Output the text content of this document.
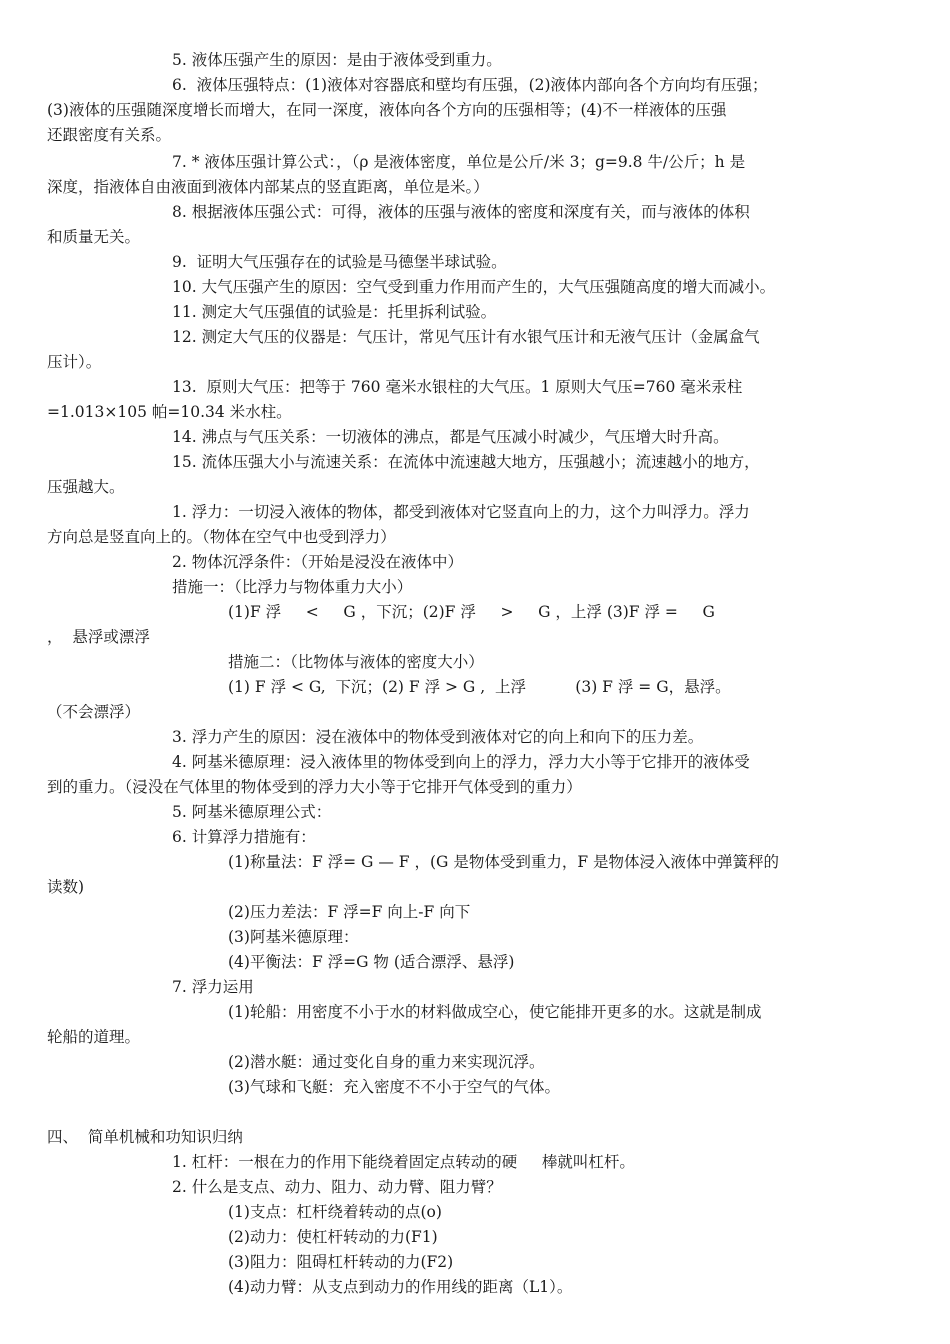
5. 液体压强产生的原因：是由于液体受到重力。

6.  液体压强特点：(1)液体对容器底和壁均有压强，(2)液体内部向各个方向均有压强；

(3)液体的压强随深度增长而增大，在同一深度，液体向各个方向的压强相等；(4)不一样液体的压强

还跟密度有关系。

7. * 液体压强计算公式：，（ρ 是液体密度，单位是公斤/米 3；g=9.8 牛/公斤；h 是

深度，指液体自由液面到液体内部某点的竖直距离，单位是米。）

8. 根据液体压强公式：可得，液体的压强与液体的密度和深度有关，而与液体的体积

和质量无关。

9.  证明大气压强存在的试验是马德堡半球试验。

10. 大气压强产生的原因：空气受到重力作用而产生的，大气压强随高度的增大而减小。

11. 测定大气压强值的试验是：托里拆利试验。

12. 测定大气压的仪器是：气压计，常见气压计有水银气压计和无液气压计（金属盒气

压计）。

13.  原则大气压：把等于 760 毫米水银柱的大气压。1 原则大气压=760 毫米汞柱

=1.013×105 帕=10.34 米水柱。

14. 沸点与气压关系：一切液体的沸点，都是气压减小时减少，气压增大时升高。

15. 流体压强大小与流速关系：在流体中流速越大地方，压强越小；流速越小的地方，

压强越大。

1. 浮力：一切浸入液体的物体，都受到液体对它竖直向上的力，这个力叫浮力。浮力

方向总是竖直向上的。（物体在空气中也受到浮力）

2. 物体沉浮条件：（开始是浸没在液体中）

措施一：（比浮力与物体重力大小）

(1)F 浮     <     G ，下沉；(2)F 浮     >     G ，上浮 (3)F 浮 =     G

，  悬浮或漂浮

措施二：（比物体与液体的密度大小）

(1) F 浮 < G,  下沉；(2) F 浮 > G ,  上浮          (3) F 浮 = G，悬浮。

（不会漂浮）

3. 浮力产生的原因：浸在液体中的物体受到液体对它的向上和向下的压力差。

4. 阿基米德原理：浸入液体里的物体受到向上的浮力，浮力大小等于它排开的液体受

到的重力。（浸没在气体里的物体受到的浮力大小等于它排开气体受到的重力）

5. 阿基米德原理公式：

6. 计算浮力措施有：

(1)称量法：F 浮= G — F ，(G 是物体受到重力，F 是物体浸入液体中弹簧秤的

读数)

(2)压力差法：F 浮=F 向上-F 向下

(3)阿基米德原理：

(4)平衡法：F 浮=G 物 (适合漂浮、悬浮)

7. 浮力运用

(1)轮船：用密度不小于水的材料做成空心，使它能排开更多的水。这就是制成

轮船的道理。

(2)潜水艇：通过变化自身的重力来实现沉浮。

(3)气球和飞艇：充入密度不不小于空气的气体。

四、  简单机械和功知识归纳

1. 杠杆：一根在力的作用下能绕着固定点转动的硬     棒就叫杠杆。

2. 什么是支点、动力、阻力、动力臂、阻力臂？

(1)支点：杠杆绕着转动的点(o)

(2)动力：使杠杆转动的力(F1)

(3)阻力：阻碍杠杆转动的力(F2)

(4)动力臂：从支点到动力的作用线的距离（L1）。
